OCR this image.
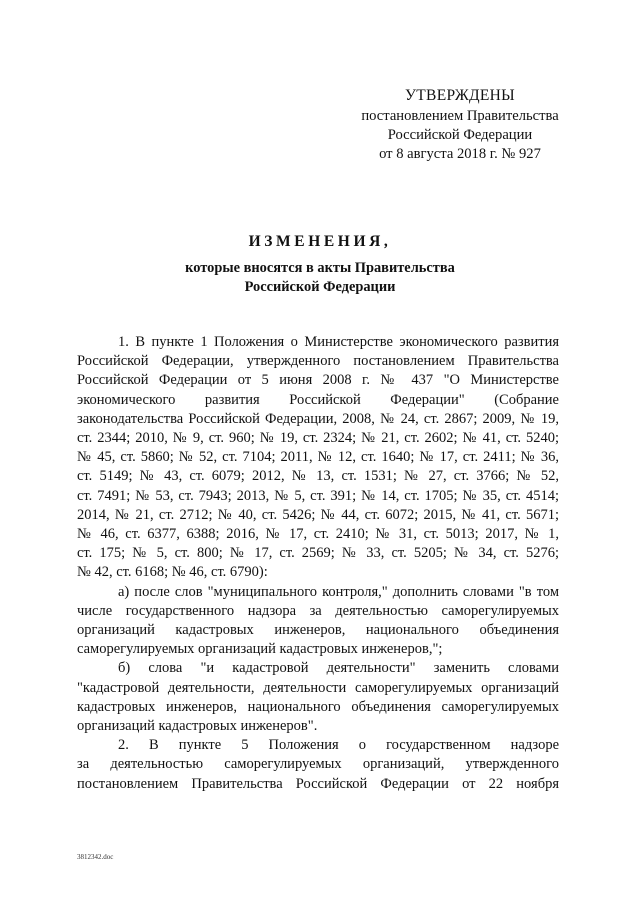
УТВЕРЖДЕНЫ
постановлением Правительства
Российской Федерации
от 8 августа 2018 г. № 927
ИЗМЕНЕНИЯ,
которые вносятся в акты Правительства
Российской Федерации
1. В пункте 1 Положения о Министерстве экономического развития
Российской Федерации, утвержденного постановлением Правительства
Российской Федерации от 5 июня 2008 г. № 437 "О Министерстве
экономического развития Российской Федерации" (Собрание
законодательства Российской Федерации, 2008, № 24, ст. 2867; 2009, № 19,
ст. 2344; 2010, № 9, ст. 960; № 19, ст. 2324; № 21, ст. 2602; № 41, ст. 5240;
№ 45, ст. 5860; № 52, ст. 7104; 2011, № 12, ст. 1640; № 17, ст. 2411; № 36,
ст. 5149; № 43, ст. 6079; 2012, № 13, ст. 1531; № 27, ст. 3766; № 52,
ст. 7491; № 53, ст. 7943; 2013, № 5, ст. 391; № 14, ст. 1705; № 35, ст. 4514;
2014, № 21, ст. 2712; № 40, ст. 5426; № 44, ст. 6072; 2015, № 41, ст. 5671;
№ 46, ст. 6377, 6388; 2016, № 17, ст. 2410; № 31, ст. 5013; 2017, № 1,
ст. 175; № 5, ст. 800; № 17, ст. 2569; № 33, ст. 5205; № 34, ст. 5276;
№ 42, ст. 6168; № 46, ст. 6790):
а) после слов "муниципального контроля," дополнить словами "в том
числе государственного надзора за деятельностью саморегулируемых
организаций кадастровых инженеров, национального объединения
саморегулируемых организаций кадастровых инженеров,";
б) слова "и кадастровой деятельности" заменить словами
"кадастровой деятельности, деятельности саморегулируемых организаций
кадастровых инженеров, национального объединения саморегулируемых
организаций кадастровых инженеров".
2. В пункте 5 Положения о государственном надзоре
за деятельностью саморегулируемых организаций, утвержденного
постановлением Правительства Российской Федерации от 22 ноября
3812342.doc
